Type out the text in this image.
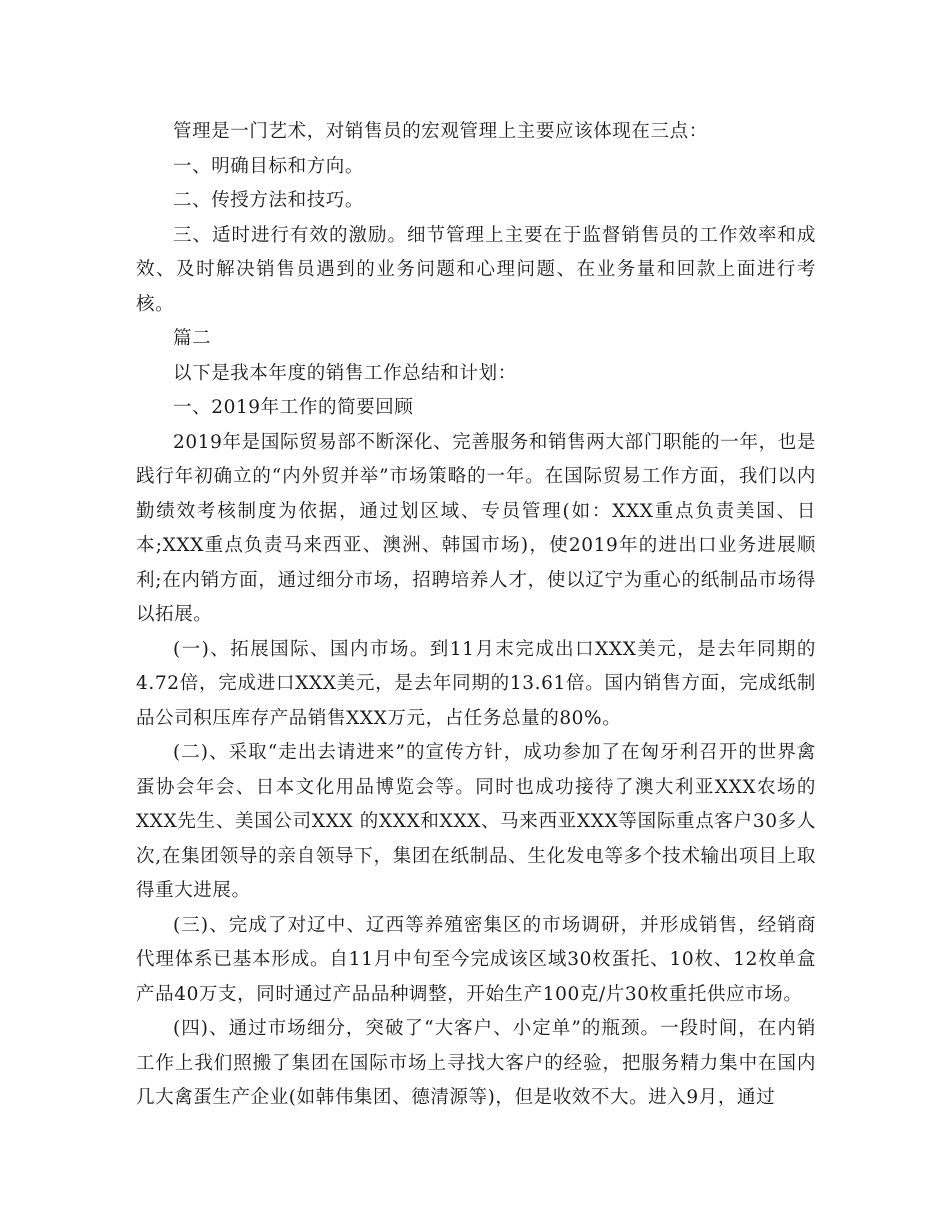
管理是一门艺术，对销售员的宏观管理上主要应该体现在三点：

一、明确目标和方向。

二、传授方法和技巧。

三、适时进行有效的激励。细节管理上主要在于监督销售员的工作效率和成效、及时解决销售员遇到的业务问题和心理问题、在业务量和回款上面进行考核。

篇二

以下是我本年度的销售工作总结和计划：

一、2019年工作的简要回顾

2019年是国际贸易部不断深化、完善服务和销售两大部门职能的一年，也是践行年初确立的“内外贸并举”市场策略的一年。在国际贸易工作方面，我们以内勤绩效考核制度为依据，通过划区域、专员管理(如：XXX重点负责美国、日本;XXX重点负责马来西亚、澳洲、韩国市场)，使2019年的进出口业务进展顺利;在内销方面，通过细分市场，招聘培养人才，使以辽宁为重心的纸制品市场得以拓展。

(一)、拓展国际、国内市场。到11月末完成出口XXX美元，是去年同期的4.72倍，完成进口XXX美元，是去年同期的13.61倍。国内销售方面，完成纸制品公司积压库存产品销售XXX万元，占任务总量的80%。

(二)、采取“走出去请进来”的宣传方针，成功参加了在匈牙利召开的世界禽蛋协会年会、日本文化用品博览会等。同时也成功接待了澳大利亚XXX农场的XXX先生、美国公司XXX 的XXX和XXX、马来西亚XXX等国际重点客户30多人次,在集团领导的亲自领导下，集团在纸制品、生化发电等多个技术输出项目上取得重大进展。

(三)、完成了对辽中、辽西等养殖密集区的市场调研，并形成销售，经销商代理体系已基本形成。自11月中旬至今完成该区域30枚蛋托、10枚、12枚单盒产品40万支，同时通过产品品种调整，开始生产100克/片30枚重托供应市场。

(四)、通过市场细分，突破了“大客户、小定单”的瓶颈。一段时间，在内销工作上我们照搬了集团在国际市场上寻找大客户的经验，把服务精力集中在国内几大禽蛋生产企业(如韩伟集团、德清源等)，但是收效不大。进入9月，通过
